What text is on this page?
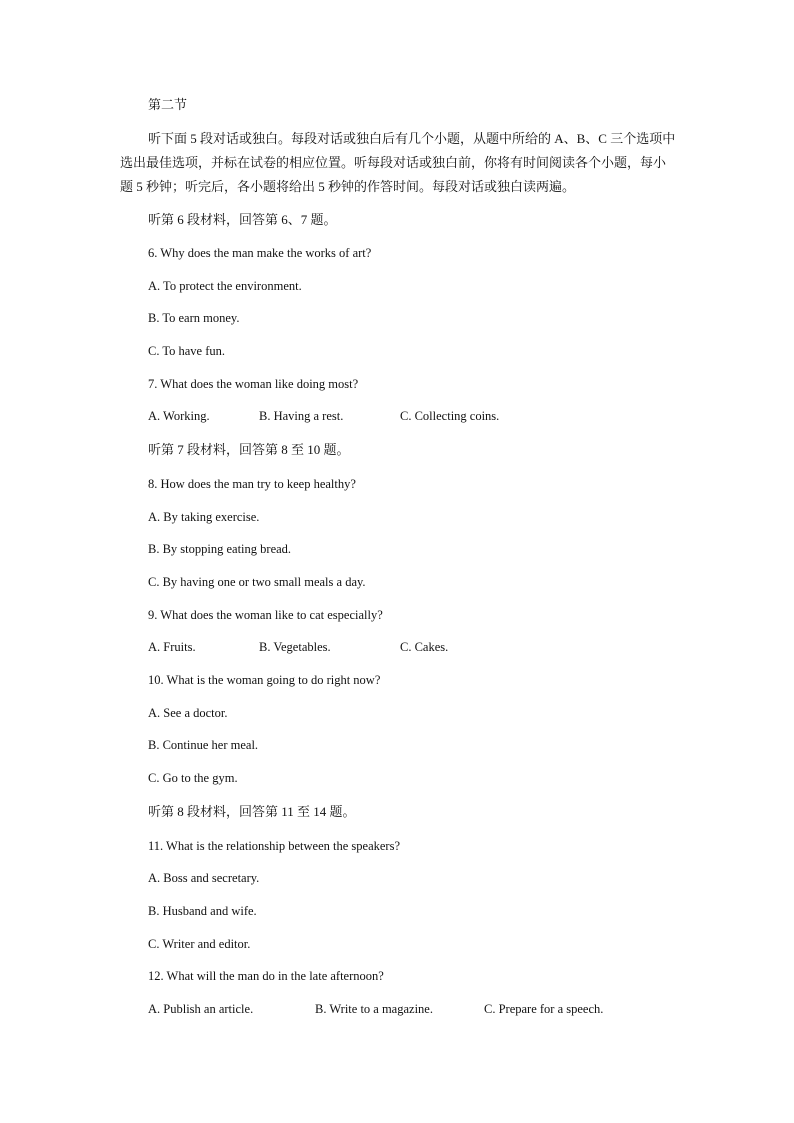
第二节
听下面 5 段对话或独白。每段对话或独白后有几个小题，从题中所给的 A、B、C 三个选项中选出最佳选项，并标在试卷的相应位置。听每段对话或独白前，你将有时间阅读各个小题，每小题 5 秒钟；听完后，各小题将给出 5 秒钟的作答时间。每段对话或独白读两遍。
听第 6 段材料，回答第 6、7 题。
6. Why does the man make the works of art?
A. To protect the environment.
B. To earn money.
C. To have fun.
7. What does the woman like doing most?
A. Working.	B. Having a rest.	C. Collecting coins.
听第 7 段材料，回答第 8 至 10 题。
8. How does the man try to keep healthy?
A. By taking exercise.
B. By stopping eating bread.
C. By having one or two small meals a day.
9. What does the woman like to cat especially?
A. Fruits.	B. Vegetables.	C. Cakes.
10. What is the woman going to do right now?
A. See a doctor.
B. Continue her meal.
C. Go to the gym.
听第 8 段材料，回答第 11 至 14 题。
11. What is the relationship between the speakers?
A. Boss and secretary.
B. Husband and wife.
C. Writer and editor.
12. What will the man do in the late afternoon?
A. Publish an article.	B. Write to a magazine.	C. Prepare for a speech.
